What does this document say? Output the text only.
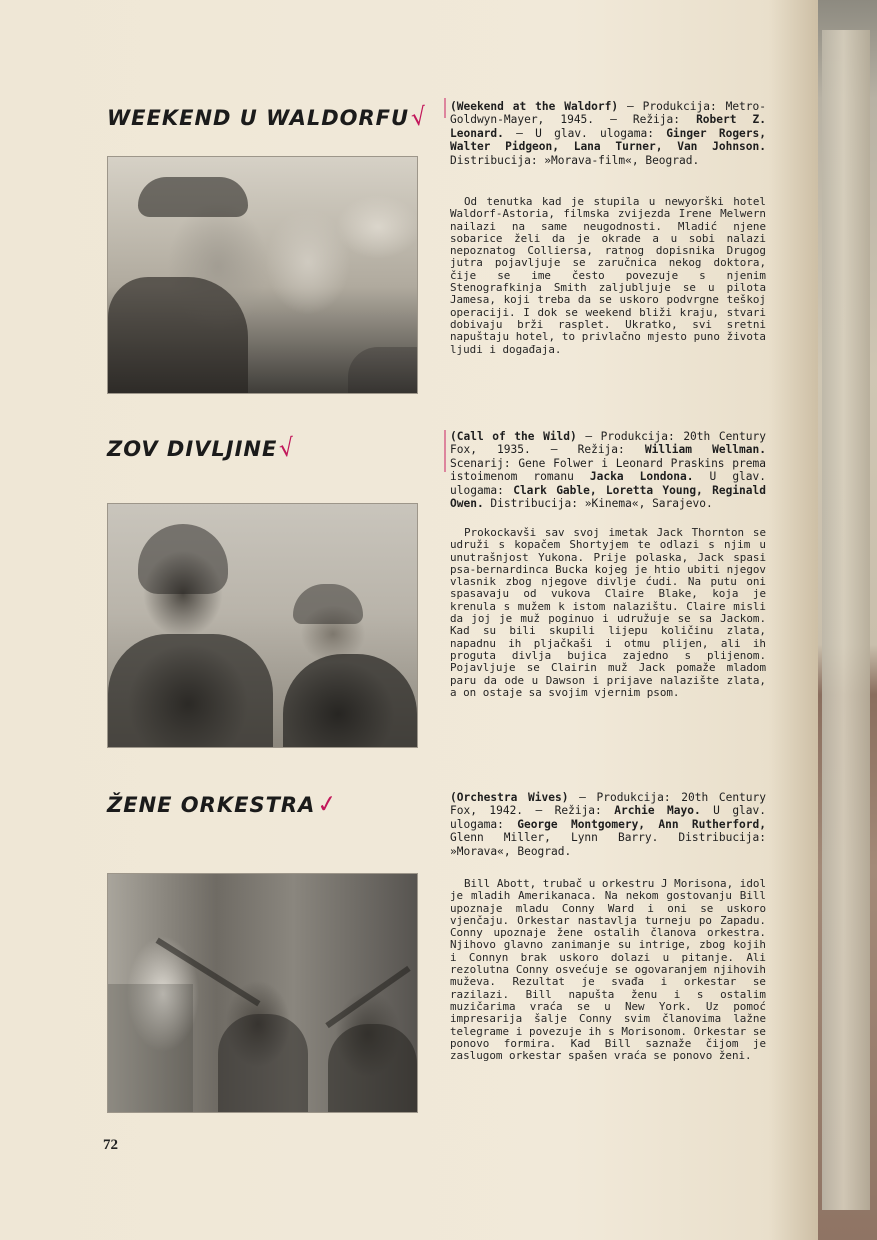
WEEKEND U WALDORFU√ (Weekend at the Waldorf) — Produkcija: Metro-Goldwyn-Mayer, 1945. — Režija: Robert Z. Leonard. — U glav. ulogama: Ginger Rogers, Walter Pidgeon, Lana Turner, Van Johnson. Distribucija: »Morava-film«, Beograd.

Od tenutka kad je stupila u newyorški hotel Waldorf-Astoria, filmska zvijezda Irene Melwern nailazi na same neugodnosti. Mladić njene sobarice želi da je okrade a u sobi nalazi nepoznatog Colliersa, ratnog dopisnika Drugog jutra pojavljuje se zaručnica nekog doktora, čije se ime često povezuje s njenim Stenografkinja Smith zaljubljuje se u pilota Jamesa, koji treba da se uskoro podvrgne teškoj operaciji. I dok se weekend bliži kraju, stvari dobivaju brži rasplet. Ukratko, svi sretni napuštaju hotel, to privlačno mjesto puno života ljudi i događaja.

ZOV DIVLJINE√	(Call of the Wild) — Produkcija: 20th Century Fox, 1935. — Režija: William Wellman. Scenarij: Gene Folwer i Leonard Praskins prema istoimenom romanu Jacka Londona. U glav. ulogama: Clark Gable, Loretta Young, Reginald Owen. Distribucija: »Kinema«, Sarajevo.

Prokockavši sav svoj imetak Jack Thornton se udruži s kopačem Shortyjem te odlazi s njim u unutrašnjost Yukona. Prije polaska, Jack spasi psa-bernardinca Bucka kojeg je htio ubiti njegov vlasnik zbog njegove divlje ćudi. Na putu oni spasavaju od vukova Claire Blake, koja je krenula s mužem k istom nalazištu. Claire misli da joj je muž poginuo i udružuje se sa Jackom. Kad su bili skupili lijepu količinu zlata, napadnu ih pljačkaši i otmu plijen, ali ih proguta divlja bujica zajedno s plijenom. Pojavljuje se Clairin muž Jack pomaže mladom paru da ode u Dawson i prijave nalazište zlata, a on ostaje sa svojim vjernim psom.

ŽENE ORKESTRA✓	(Orchestra Wives) — Produkcija: 20th Century Fox, 1942. — Režija: Archie Mayo. U glav. ulogama: George Montgomery, Ann Rutherford, Glenn Miller, Lynn Barry. Distribucija: »Morava«, Beograd.

Bill Abott, trubač u orkestru J Morisona, idol je mladih Amerikanaca. Na nekom gostovanju Bill upoznaje mladu Conny Ward i oni se uskoro vjenčaju. Orkestar nastavlja turneju po Zapadu. Conny upoznaje žene ostalih članova orkestra. Njihovo glavno zanimanje su intrige, zbog kojih i Connyn brak uskoro dolazi u pitanje. Ali rezolutna Conny osvećuje se ogovaranjem njihovih muževa. Rezultat je svađa i orkestar se razilazi. Bill napušta ženu i s ostalim muzičarima vraća se u New York. Uz pomoć impresarija šalje Conny svim članovima lažne telegrame i povezuje ih s Morisonom. Orkestar se ponovo formira. Kad Bill saznaže čijom je zaslugom orkestar spašen vraća se ponovo ženi.

72
